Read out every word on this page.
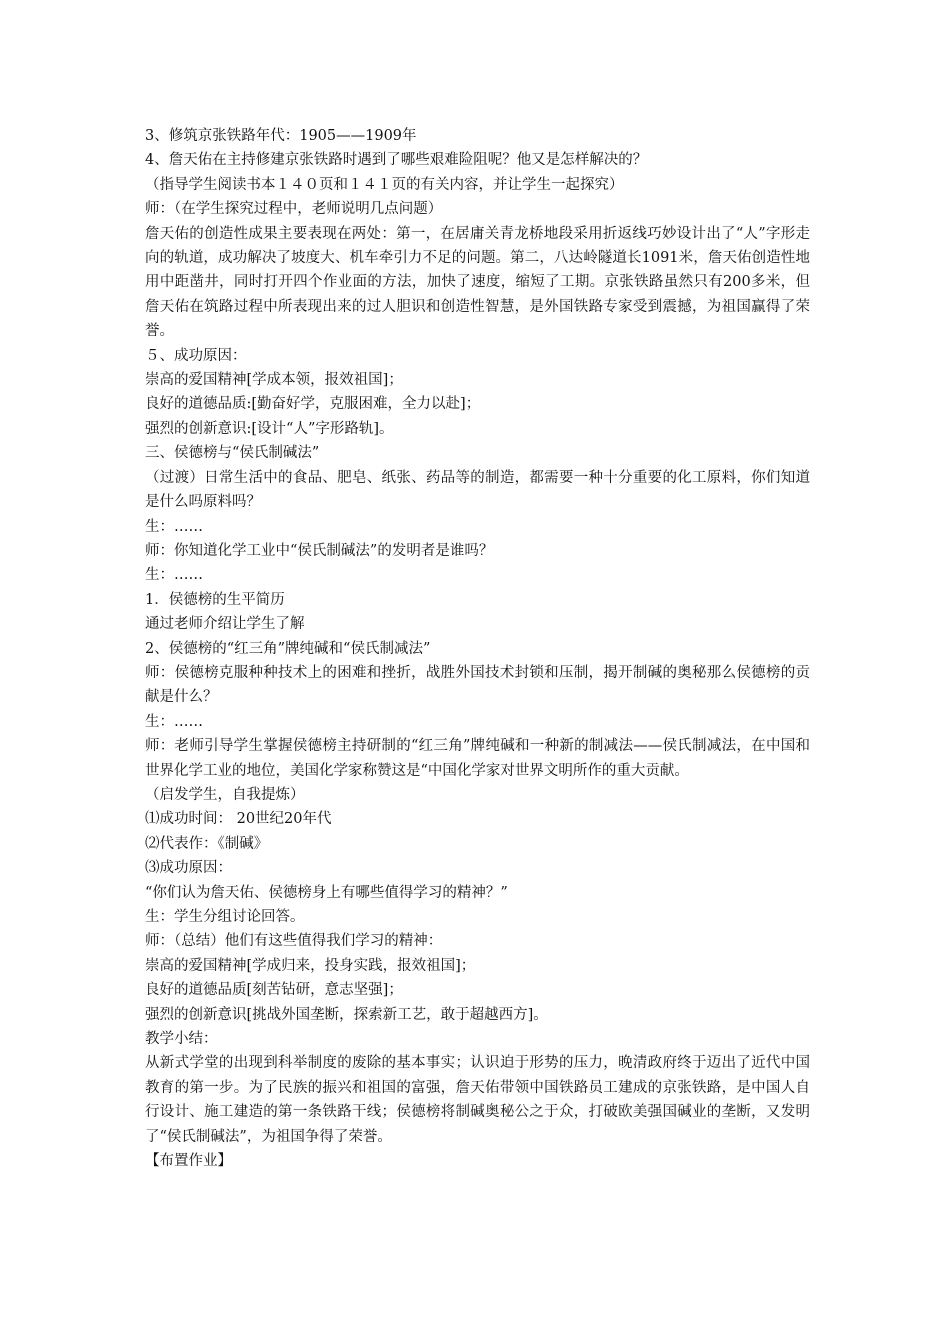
3、修筑京张铁路年代：1905——1909年

4、詹天佑在主持修建京张铁路时遇到了哪些艰难险阻呢？他又是怎样解决的？

（指导学生阅读书本１４０页和１４１页的有关内容，并让学生一起探究）

师：（在学生探究过程中，老师说明几点问题）

詹天佑的创造性成果主要表现在两处：第一，在居庸关青龙桥地段采用折返线巧妙设计出了“人”字形走向的轨道，成功解决了坡度大、机车牵引力不足的问题。第二，八达岭隧道长1091米，詹天佑创造性地用中距凿井，同时打开四个作业面的方法，加快了速度，缩短了工期。京张铁路虽然只有200多米，但詹天佑在筑路过程中所表现出来的过人胆识和创造性智慧，是外国铁路专家受到震撼，为祖国赢得了荣誉。

５、成功原因：

崇高的爱国精神[学成本领，报效祖国]；

良好的道德品质:[勤奋好学，克服困难，全力以赴]；

强烈的创新意识:[设计“人”字形路轨]。

三、侯德榜与“侯氏制碱法”

（过渡）日常生活中的食品、肥皂、纸张、药品等的制造，都需要一种十分重要的化工原料，你们知道是什么吗原料吗？

生：……

师：你知道化学工业中“侯氏制碱法”的发明者是谁吗？

生：……

1．侯德榜的生平简历

通过老师介绍让学生了解

2、侯德榜的“红三角”牌纯碱和“侯氏制减法”

师：侯德榜克服种种技术上的困难和挫折，战胜外国技术封锁和压制，揭开制碱的奥秘那么侯德榜的贡献是什么？

生：……

师：老师引导学生掌握侯德榜主持研制的“红三角”牌纯碱和一种新的制减法——侯氏制减法，在中国和世界化学工业的地位，美国化学家称赞这是“中国化学家对世界文明所作的重大贡献。

（启发学生，自我提炼）

⑴成功时间： 20世纪20年代

⑵代表作：《制碱》

⑶成功原因：

“你们认为詹天佑、侯德榜身上有哪些值得学习的精神？”

生：学生分组讨论回答。

师：（总结）他们有这些值得我们学习的精神：

崇高的爱国精神[学成归来，投身实践，报效祖国]；

良好的道德品质[刻苦钻研，意志坚强]；

强烈的创新意识[挑战外国垄断，探索新工艺，敢于超越西方]。

教学小结：

从新式学堂的出现到科举制度的废除的基本事实；认识迫于形势的压力，晚清政府终于迈出了近代中国教育的第一步。为了民族的振兴和祖国的富强，詹天佑带领中国铁路员工建成的京张铁路，是中国人自行设计、施工建造的第一条铁路干线；侯德榜将制碱奥秘公之于众，打破欧美强国碱业的垄断，又发明了“侯氏制碱法”，为祖国争得了荣誉。

【布置作业】
